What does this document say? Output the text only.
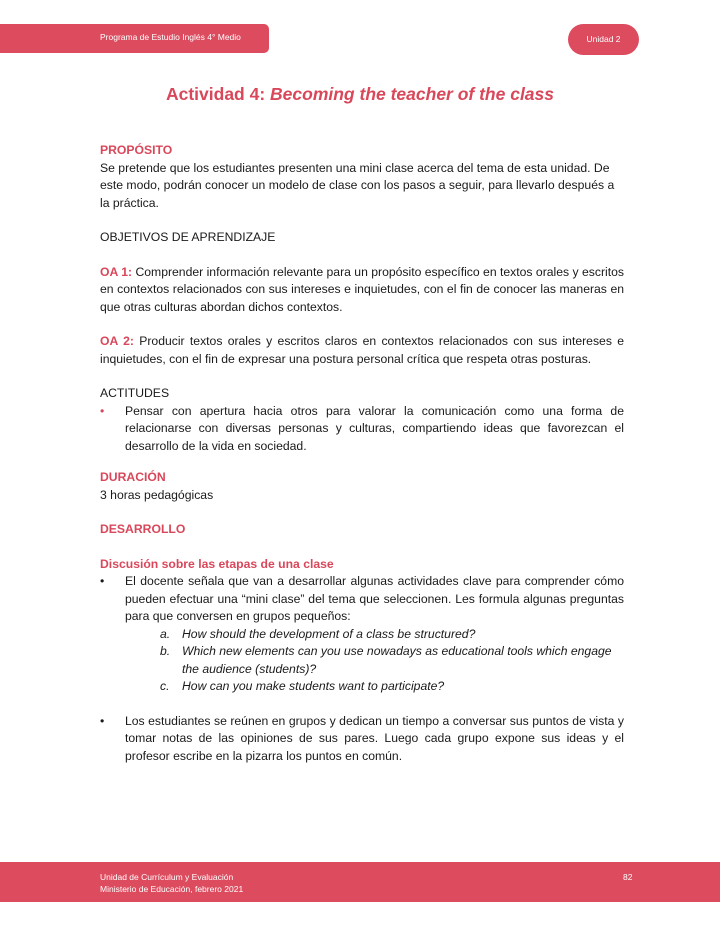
Programa de Estudio Inglés 4° Medio	Unidad 2
Actividad 4: Becoming the teacher of the class

PROPÓSITO

Se pretende que los estudiantes presenten una mini clase acerca del tema de esta unidad. De este modo, podrán conocer un modelo de clase con los pasos a seguir, para llevarlo después a la práctica.

OBJETIVOS DE APRENDIZAJE

OA 1: Comprender información relevante para un propósito específico en textos orales y escritos en contextos relacionados con sus intereses e inquietudes, con el fin de conocer las maneras en que otras culturas abordan dichos contextos.

OA 2: Producir textos orales y escritos claros en contextos relacionados con sus intereses e inquietudes, con el fin de expresar una postura personal crítica que respeta otras posturas.

ACTITUDES

• Pensar con apertura hacia otros para valorar la comunicación como una forma de relacionarse con diversas personas y culturas, compartiendo ideas que favorezcan el desarrollo de la vida en sociedad.

DURACIÓN

3 horas pedagógicas

DESARROLLO

Discusión sobre las etapas de una clase

• El docente señala que van a desarrollar algunas actividades clave para comprender cómo pueden efectuar una “mini clase” del tema que seleccionen. Les formula algunas preguntas para que conversen en grupos pequeños:
a. How should the development of a class be structured?
b. Which new elements can you use nowadays as educational tools which engage the audience (students)?
c. How can you make students want to participate?
• Los estudiantes se reúnen en grupos y dedican un tiempo a conversar sus puntos de vista y tomar notas de las opiniones de sus pares. Luego cada grupo expone sus ideas y el profesor escribe en la pizarra los puntos en común.
Unidad de Currículum y Evaluación
Ministerio de Educación, febrero 2021
82
